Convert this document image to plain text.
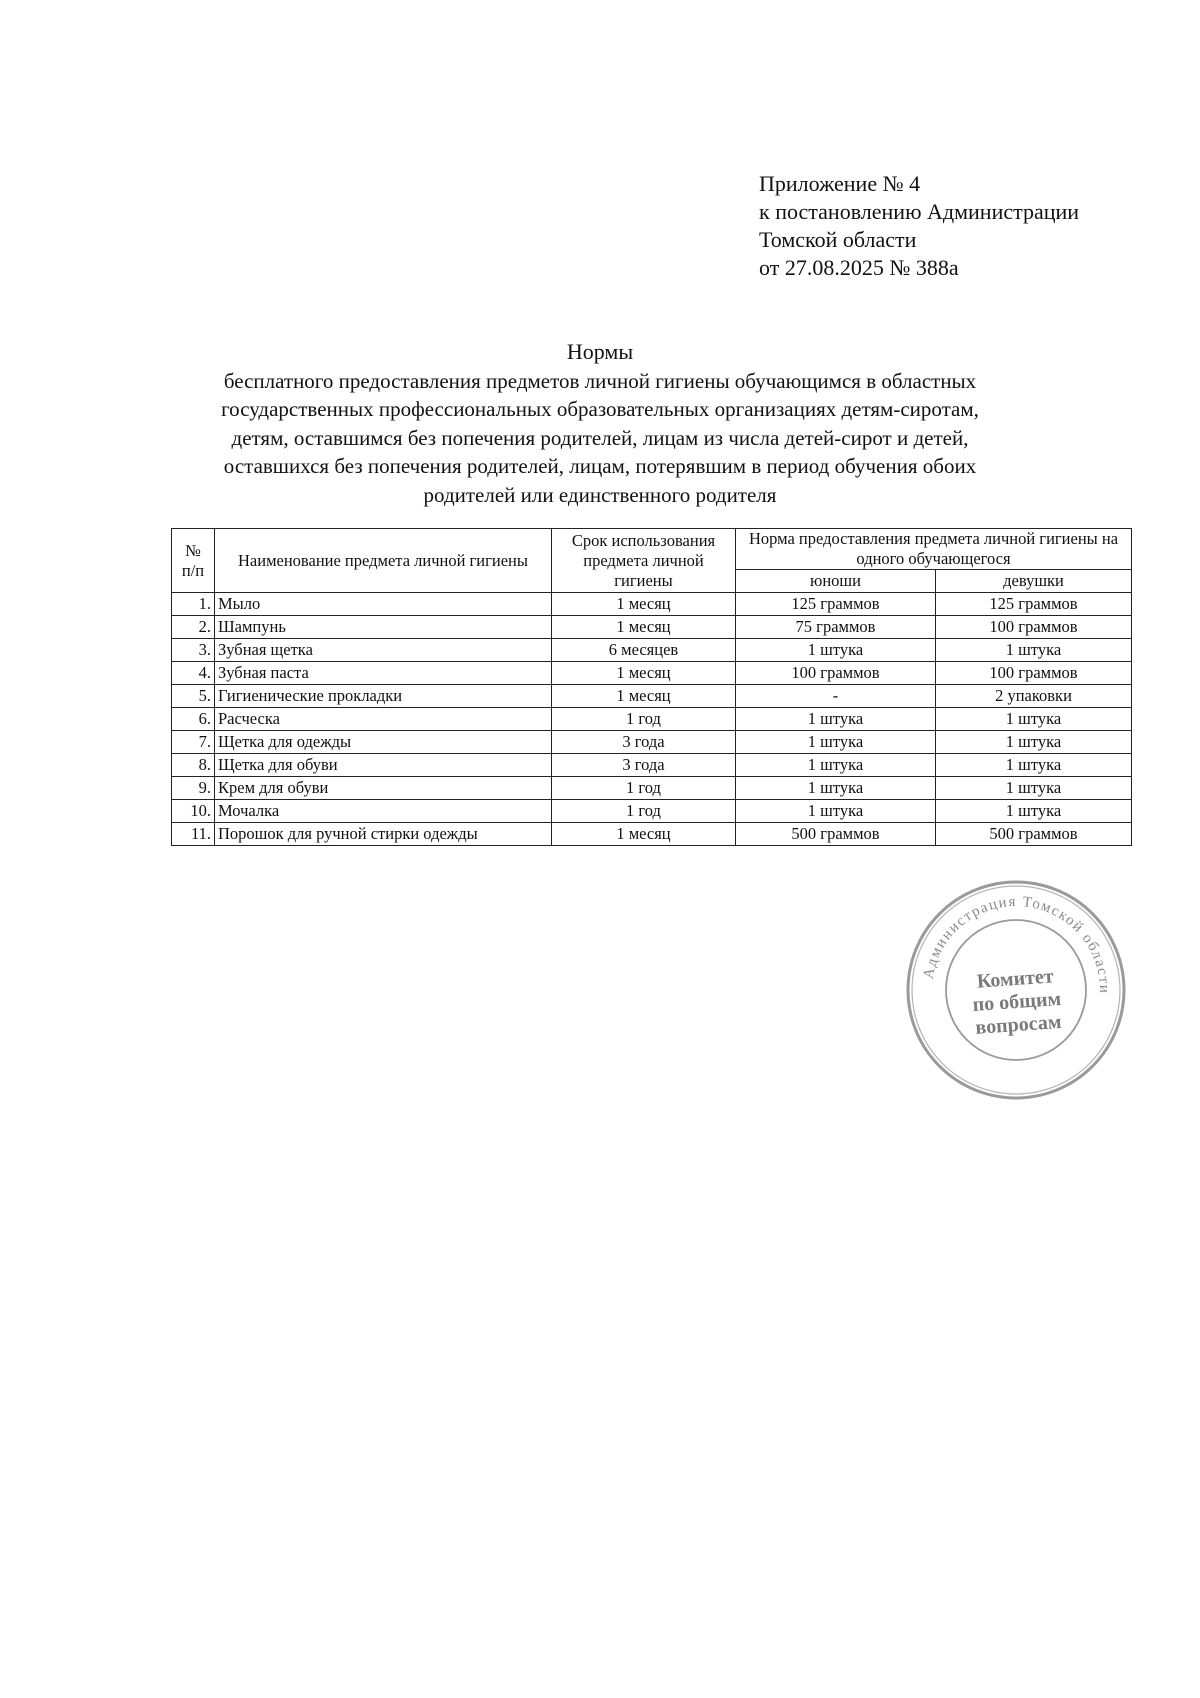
Приложение № 4
к постановлению Администрации
Томской области
от 27.08.2025 № 388а
Нормы
бесплатного предоставления предметов личной гигиены обучающимся в областных
государственных профессиональных образовательных организациях детям-сиротам,
детям, оставшимся без попечения родителей, лицам из числа детей-сирот и детей,
оставшихся без попечения родителей, лицам, потерявшим в период обучения обоих
родителей или единственного родителя
№
п/п	Наименование предмета личной гигиены	Срок использования предмета личной гигиены	Норма предоставления предмета личной гигиены на одного обучающегося	
			юноши	девушки
1.	Мыло	1 месяц	125 граммов	125 граммов
2.	Шампунь	1 месяц	75 граммов	100 граммов
3.	Зубная щетка	6 месяцев	1 штука	1 штука
4.	Зубная паста	1 месяц	100 граммов	100 граммов
5.	Гигиенические прокладки	1 месяц	-	2 упаковки
6.	Расческа	1 год	1 штука	1 штука
7.	Щетка для одежды	3 года	1 штука	1 штука
8.	Щетка для обуви	3 года	1 штука	1 штука
9.	Крем для обуви	1 год	1 штука	1 штука
10.	Мочалка	1 год	1 штука	1 штука
11.	Порошок для ручной стирки одежды	1 месяц	500 граммов	500 граммов
Администрация Томской области
Комитет
по общим
вопросам
